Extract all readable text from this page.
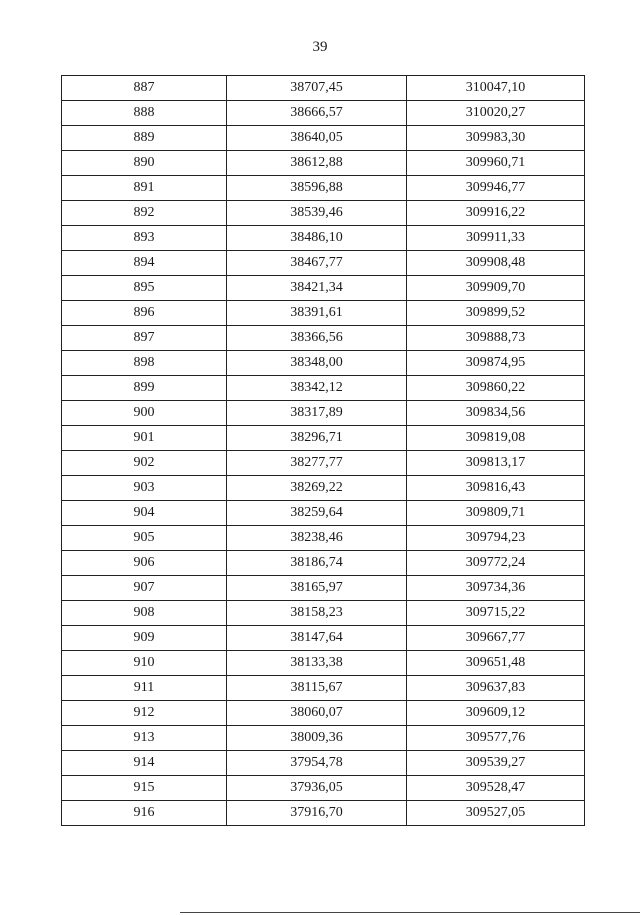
39
887	38707,45	310047,10
888	38666,57	310020,27
889	38640,05	309983,30
890	38612,88	309960,71
891	38596,88	309946,77
892	38539,46	309916,22
893	38486,10	309911,33
894	38467,77	309908,48
895	38421,34	309909,70
896	38391,61	309899,52
897	38366,56	309888,73
898	38348,00	309874,95
899	38342,12	309860,22
900	38317,89	309834,56
901	38296,71	309819,08
902	38277,77	309813,17
903	38269,22	309816,43
904	38259,64	309809,71
905	38238,46	309794,23
906	38186,74	309772,24
907	38165,97	309734,36
908	38158,23	309715,22
909	38147,64	309667,77
910	38133,38	309651,48
911	38115,67	309637,83
912	38060,07	309609,12
913	38009,36	309577,76
914	37954,78	309539,27
915	37936,05	309528,47
916	37916,70	309527,05
